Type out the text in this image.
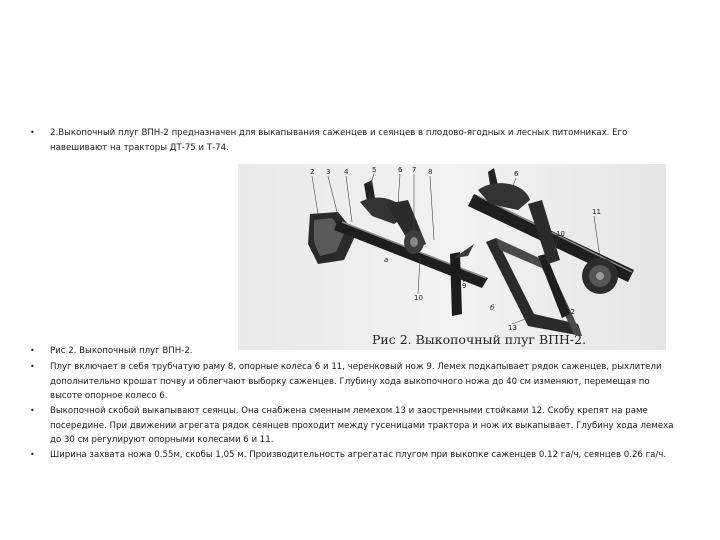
•	2.Выкопочный плуг ВПН-2 предназначен для выкапывания саженцев и сеянцев в плодово-ягодных и лесных питомниках. Его навешивают на тракторы ДТ-75 и Т-74.
2 3 4	5	6 7 8
а
10
9
6
11
10
б
13
12
Рис 2. Выкопочный плуг ВПН-2.
•	Рис 2. Выкопочный плуг ВПН-2.
•	Плуг включает в себя трубчатую раму 8, опорные колеса 6 и 11, черенковый нож 9. Лемех подкапывает рядок саженцев, рыхлители дополнительно крошат почву и облегчают выборку саженцев. Глубину хода выкопочного ножа до 40 см изменяют, перемещая по высоте опорное колесо 6.
•	Выкопочной скобой выкапывают сеянцы. Она снабжена сменным лемехом 13 и заостренными стойками 12. Скобу крепят на раме посередине. При движении агрегата рядок сеянцев проходит между гусеницами трактора и нож их выкапывает. Глубину хода лемеха до 30 см регулируют опорными колесами 6 и 11.
•	Ширина захвата ножа 0.55м, скобы 1,05 м. Производительность агрегатас плугом при выкопке саженцев 0.12 га/ч, сеянцев 0.26 га/ч.
